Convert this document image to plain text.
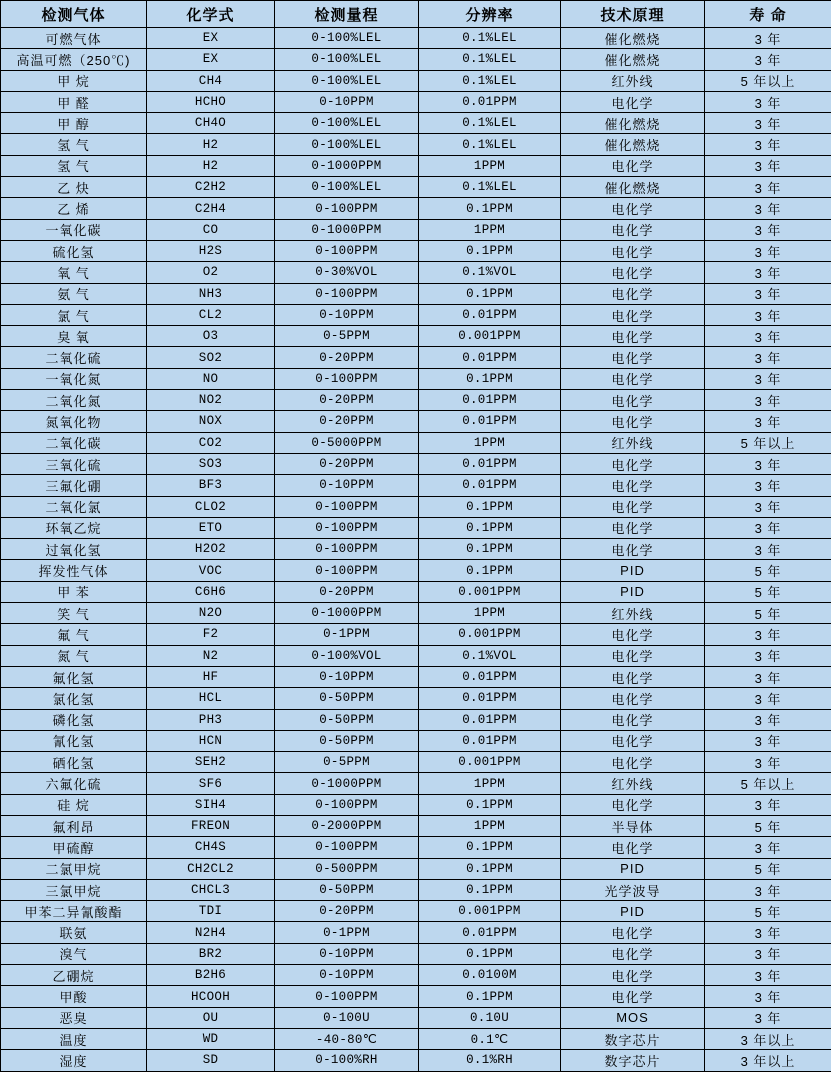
检测气体	化学式	检测量程	分辨率	技术原理	寿 命
可燃气体	EX	0-100%LEL	0.1%LEL	催化燃烧	3 年
高温可燃（250℃)	EX	0-100%LEL	0.1%LEL	催化燃烧	3 年
甲 烷	CH4	0-100%LEL	0.1%LEL	红外线	5 年以上
甲 醛	HCHO	0-10PPM	0.01PPM	电化学	3 年
甲 醇	CH4O	0-100%LEL	0.1%LEL	催化燃烧	3 年
氢 气	H2	0-100%LEL	0.1%LEL	催化燃烧	3 年
氢 气	H2	0-1000PPM	1PPM	电化学	3 年
乙 炔	C2H2	0-100%LEL	0.1%LEL	催化燃烧	3 年
乙 烯	C2H4	0-100PPM	0.1PPM	电化学	3 年
一氧化碳	CO	0-1000PPM	1PPM	电化学	3 年
硫化氢	H2S	0-100PPM	0.1PPM	电化学	3 年
氧 气	O2	0-30%VOL	0.1%VOL	电化学	3 年
氨 气	NH3	0-100PPM	0.1PPM	电化学	3 年
氯 气	CL2	0-10PPM	0.01PPM	电化学	3 年
臭 氧	O3	0-5PPM	0.001PPM	电化学	3 年
二氧化硫	SO2	0-20PPM	0.01PPM	电化学	3 年
一氧化氮	NO	0-100PPM	0.1PPM	电化学	3 年
二氧化氮	NO2	0-20PPM	0.01PPM	电化学	3 年
氮氧化物	NOX	0-20PPM	0.01PPM	电化学	3 年
二氧化碳	CO2	0-5000PPM	1PPM	红外线	5 年以上
三氧化硫	SO3	0-20PPM	0.01PPM	电化学	3 年
三氟化硼	BF3	0-10PPM	0.01PPM	电化学	3 年
二氧化氯	CLO2	0-100PPM	0.1PPM	电化学	3 年
环氧乙烷	ETO	0-100PPM	0.1PPM	电化学	3 年
过氧化氢	H2O2	0-100PPM	0.1PPM	电化学	3 年
挥发性气体	VOC	0-100PPM	0.1PPM	PID	5 年
甲 苯	C6H6	0-20PPM	0.001PPM	PID	5 年
笑 气	N2O	0-1000PPM	1PPM	红外线	5 年
氟 气	F2	0-1PPM	0.001PPM	电化学	3 年
氮 气	N2	0-100%VOL	0.1%VOL	电化学	3 年
氟化氢	HF	0-10PPM	0.01PPM	电化学	3 年
氯化氢	HCL	0-50PPM	0.01PPM	电化学	3 年
磷化氢	PH3	0-50PPM	0.01PPM	电化学	3 年
氰化氢	HCN	0-50PPM	0.01PPM	电化学	3 年
硒化氢	SEH2	0-5PPM	0.001PPM	电化学	3 年
六氟化硫	SF6	0-1000PPM	1PPM	红外线	5 年以上
硅 烷	SIH4	0-100PPM	0.1PPM	电化学	3 年
氟利昂	FREON	0-2000PPM	1PPM	半导体	5 年
甲硫醇	CH4S	0-100PPM	0.1PPM	电化学	3 年
二氯甲烷	CH2CL2	0-500PPM	0.1PPM	PID	5 年
三氯甲烷	CHCL3	0-50PPM	0.1PPM	光学波导	3 年
甲苯二异氰酸酯	TDI	0-20PPM	0.001PPM	PID	5 年
联氨	N2H4	0-1PPM	0.01PPM	电化学	3 年
溴气	BR2	0-10PPM	0.1PPM	电化学	3 年
乙硼烷	B2H6	0-10PPM	0.0100M	电化学	3 年
甲酸	HCOOH	0-100PPM	0.1PPM	电化学	3 年
恶臭	OU	0-100U	0.10U	MOS	3 年
温度	WD	-40-80℃	0.1℃	数字芯片	3 年以上
湿度	SD	0-100%RH	0.1%RH	数字芯片	3 年以上
